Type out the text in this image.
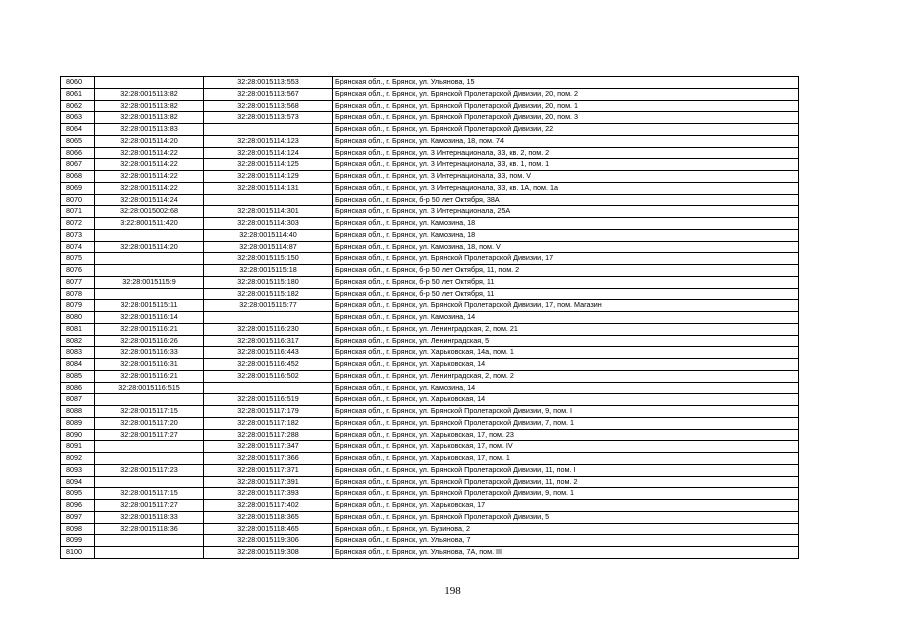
8060		32:28:0015113:553	Брянская обл., г. Брянск, ул. Ульянова, 15
8061	32:28:0015113:82	32:28:0015113:567	Брянская обл., г. Брянск, ул. Брянской Пролетарской Дивизии, 20, пом. 2
8062	32:28:0015113:82	32:28:0015113:568	Брянская обл., г. Брянск, ул. Брянской Пролетарской Дивизии, 20, пом. 1
8063	32:28:0015113:82	32:28:0015113:573	Брянская обл., г. Брянск, ул. Брянской Пролетарской Дивизии, 20, пом. 3
8064	32:28:0015113:83		Брянская обл., г. Брянск, ул. Брянской Пролетарской Дивизии, 22
8065	32:28:0015114:20	32:28:0015114:123	Брянская обл., г. Брянск, ул. Камозина, 18, пом. 74
8066	32:28:0015114:22	32:28:0015114:124	Брянская обл., г. Брянск, ул. 3 Интернационала, 33, кв. 2, пом. 2
8067	32:28:0015114:22	32:28:0015114:125	Брянская обл., г. Брянск, ул. 3 Интернационала, 33, кв. 1, пом. 1
8068	32:28:0015114:22	32:28:0015114:129	Брянская обл., г. Брянск, ул. 3 Интернационала, 33, пом. V
8069	32:28:0015114:22	32:28:0015114:131	Брянская обл., г. Брянск, ул. 3 Интернационала, 33, кв. 1А, пом. 1а
8070	32:28:0015114:24		Брянская обл., г. Брянск, б-р 50 лет Октября, 38А
8071	32:28:0015002:68	32:28:0015114:301	Брянская обл., г. Брянск, ул. 3 Интернационала, 25А
8072	3:22:8001511:420	32:28:0015114:303	Брянская обл., г. Брянск, ул. Камозина, 18
8073		32:28:0015114:40	Брянская обл., г. Брянск, ул. Камозина, 18
8074	32:28:0015114:20	32:28:0015114:87	Брянская обл., г. Брянск, ул. Камозина, 18, пом. V
8075		32:28:0015115:150	Брянская обл., г. Брянск, ул. Брянской Пролетарской Дивизии, 17
8076		32:28:0015115:18	Брянская обл., г. Брянск, б-р 50 лет Октября, 11, пом. 2
8077	32:28:0015115:9	32:28:0015115:180	Брянская обл., г. Брянск, б-р 50 лет Октября, 11
8078		32:28:0015115:182	Брянская обл., г. Брянск, б-р 50 лет Октября, 11
8079	32:28:0015115:11	32:28:0015115:77	Брянская обл., г. Брянск, ул. Брянской Пролетарской Дивизии, 17, пом. Магазин
8080	32:28:0015116:14		Брянская обл., г. Брянск, ул. Камозина, 14
8081	32:28:0015116:21	32:28:0015116:230	Брянская обл., г. Брянск, ул. Ленинградская, 2, пом. 21
8082	32:28:0015116:26	32:28:0015116:317	Брянская обл., г. Брянск, ул. Ленинградская, 5
8083	32:28:0015116:33	32:28:0015116:443	Брянская обл., г. Брянск, ул. Харьковская, 14а, пом. 1
8084	32:28:0015116:31	32:28:0015116:452	Брянская обл., г. Брянск, ул. Харьковская, 14
8085	32:28:0015116:21	32:28:0015116:502	Брянская обл., г. Брянск, ул. Ленинградская, 2, пом. 2
8086	32:28:0015116:515		Брянская обл., г. Брянск, ул. Камозина, 14
8087		32:28:0015116:519	Брянская обл., г. Брянск, ул. Харьковская, 14
8088	32:28:0015117:15	32:28:0015117:179	Брянская обл., г. Брянск, ул. Брянской Пролетарской Дивизии, 9, пом. I
8089	32:28:0015117:20	32:28:0015117:182	Брянская обл., г. Брянск, ул. Брянской Пролетарской Дивизии, 7, пом. 1
8090	32:28:0015117:27	32:28:0015117:288	Брянская обл., г. Брянск, ул. Харьковская, 17, пом. 23
8091		32:28:0015117:347	Брянская обл., г. Брянск, ул. Харьковская, 17, пом. IV
8092		32:28:0015117:366	Брянская обл., г. Брянск, ул. Харьковская, 17, пом. 1
8093	32:28:0015117:23	32:28:0015117:371	Брянская обл., г. Брянск, ул. Брянской Пролетарской Дивизии, 11, пом. I
8094		32:28:0015117:391	Брянская обл., г. Брянск, ул. Брянской Пролетарской Дивизии, 11, пом. 2
8095	32:28:0015117:15	32:28:0015117:393	Брянская обл., г. Брянск, ул. Брянской Пролетарской Дивизии, 9, пом. 1
8096	32:28:0015117:27	32:28:0015117:402	Брянская обл., г. Брянск, ул. Харьковская, 17
8097	32:28:0015118:33	32:28:0015118:365	Брянская обл., г. Брянск, ул. Брянской Пролетарской Дивизии, 5
8098	32:28:0015118:36	32:28:0015118:465	Брянская обл., г. Брянск, ул. Бузинова, 2
8099		32:28:0015119:306	Брянская обл., г. Брянск, ул. Ульянова, 7
8100		32:28:0015119:308	Брянская обл., г. Брянск, ул. Ульянова, 7А, пом. III
198
